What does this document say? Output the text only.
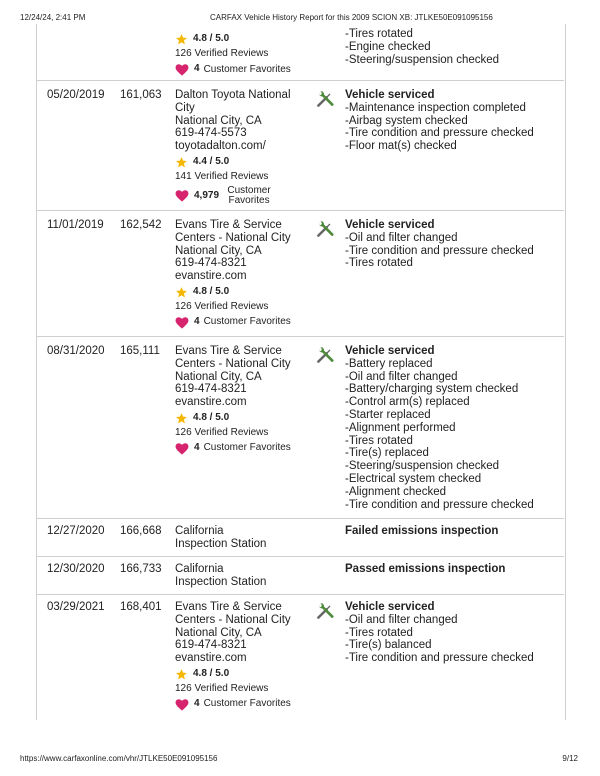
12/24/24, 2:41 PM	CARFAX Vehicle History Report for this 2009 SCION XB: JTLKE50E091095156
https://www.carfaxonline.com/vhr/JTLKE50E091095156	9/12
4.8 / 5.0
126 Verified Reviews
4 Customer Favorites
-Tires rotated
-Engine checked
-Steering/suspension checked
05/20/2019 161,063 Dalton Toyota National
City
National City, CA
619-474-5573
toyotadalton.com/
4.4 / 5.0
141 Verified Reviews
4,979 Customer Favorites
Vehicle serviced
-Maintenance inspection completed
-Airbag system checked
-Tire condition and pressure checked
-Floor mat(s) checked
11/01/2019 162,542 Evans Tire & Service
Centers - National City
National City, CA
619-474-8321
evanstire.com
4.8 / 5.0
126 Verified Reviews
4 Customer Favorites
Vehicle serviced
-Oil and filter changed
-Tire condition and pressure checked
-Tires rotated
08/31/2020 165,111 Evans Tire & Service
Centers - National City
National City, CA
619-474-8321
evanstire.com
4.8 / 5.0
126 Verified Reviews
4 Customer Favorites
Vehicle serviced
-Battery replaced
-Oil and filter changed
-Battery/charging system checked
-Control arm(s) replaced
-Starter replaced
-Alignment performed
-Tires rotated
-Tire(s) replaced
-Steering/suspension checked
-Electrical system checked
-Alignment checked
-Tire condition and pressure checked
12/27/2020 166,668 California
Inspection Station
Failed emissions inspection
12/30/2020 166,733 California
Inspection Station
Passed emissions inspection
03/29/2021 168,401 Evans Tire & Service
Centers - National City
National City, CA
619-474-8321
evanstire.com
4.8 / 5.0
126 Verified Reviews
4 Customer Favorites
Vehicle serviced
-Oil and filter changed
-Tires rotated
-Tire(s) balanced
-Tire condition and pressure checked
